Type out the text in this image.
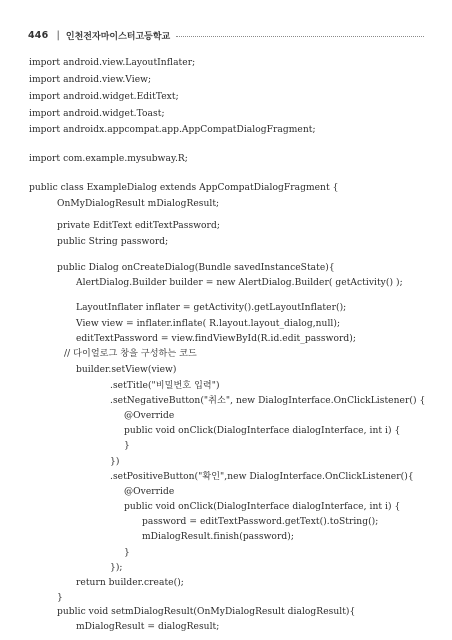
446 | 인천전자마이스터고등학교
import android.view.LayoutInflater;
import android.view.View;
import android.widget.EditText;
import android.widget.Toast;
import androidx.appcompat.app.AppCompatDialogFragment;
import com.example.mysubway.R;
public class ExampleDialog extends AppCompatDialogFragment {
OnMyDialogResult mDialogResult;
private EditText editTextPassword;
public String password;
public Dialog onCreateDialog(Bundle savedInstanceState){
AlertDialog.Builder builder = new AlertDialog.Builder( getActivity() );
LayoutInflater inflater = getActivity().getLayoutInflater();
View view = inflater.inflate( R.layout.layout_dialog,null);
editTextPassword = view.findViewById(R.id.edit_password);
// 다이얼로그 창을 구성하는 코드
builder.setView(view)
.setTitle("비밀번호 입력")
.setNegativeButton("취소", new DialogInterface.OnClickListener() {
@Override
public void onClick(DialogInterface dialogInterface, int i) {
}
})
.setPositiveButton("확인",new DialogInterface.OnClickListener(){
@Override
public void onClick(DialogInterface dialogInterface, int i) {
password = editTextPassword.getText().toString();
mDialogResult.finish(password);
}
});
return builder.create();
}
public void setmDialogResult(OnMyDialogResult dialogResult){
mDialogResult = dialogResult;
